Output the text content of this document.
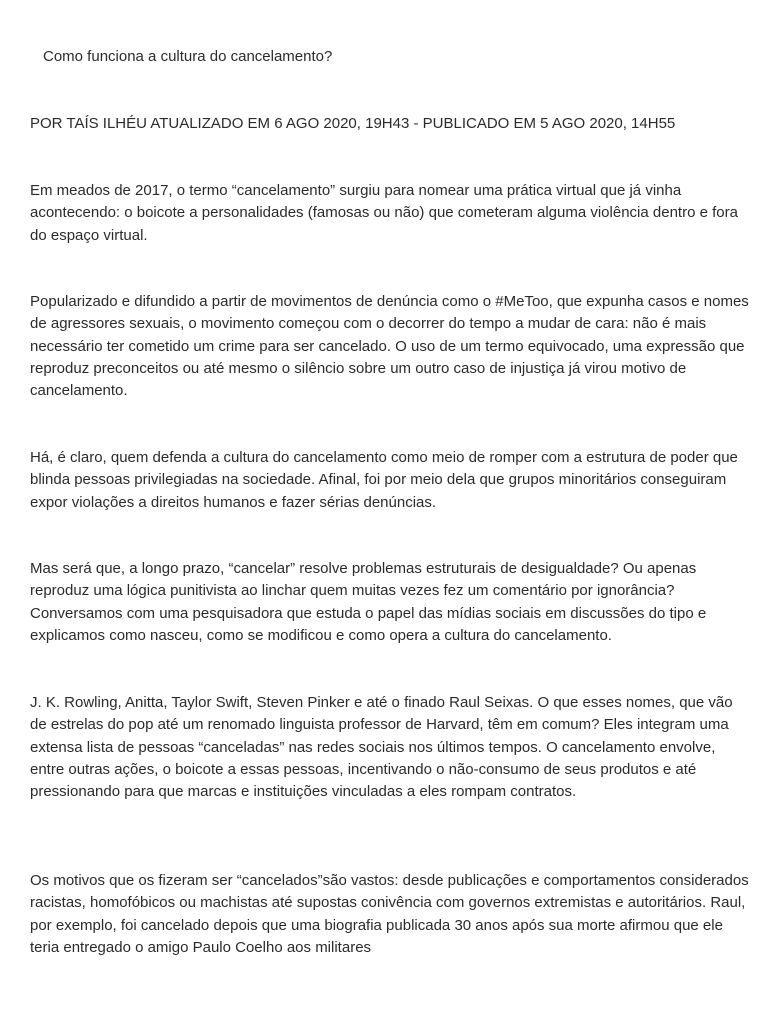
Como funciona a cultura do cancelamento?
POR TAÍS ILHÉU ATUALIZADO EM 6 AGO 2020, 19H43 - PUBLICADO EM 5 AGO 2020, 14H55

Em meados de 2017, o termo “cancelamento” surgiu para nomear uma prática virtual que já vinha acontecendo: o boicote a personalidades (famosas ou não) que cometeram alguma violência dentro e fora do espaço virtual.

Popularizado e difundido a partir de movimentos de denúncia como o #MeToo, que expunha casos e nomes de agressores sexuais, o movimento começou com o decorrer do tempo a mudar de cara: não é mais necessário ter cometido um crime para ser cancelado. O uso de um termo equivocado, uma expressão que reproduz preconceitos ou até mesmo o silêncio sobre um outro caso de injustiça já virou motivo de cancelamento.

Há, é claro, quem defenda a cultura do cancelamento como meio de romper com a estrutura de poder que blinda pessoas privilegiadas na sociedade. Afinal, foi por meio dela que grupos minoritários conseguiram expor violações a direitos humanos e fazer sérias denúncias.

Mas será que, a longo prazo, “cancelar” resolve problemas estruturais de desigualdade? Ou apenas reproduz uma lógica punitivista ao linchar quem muitas vezes fez um comentário por ignorância? Conversamos com uma pesquisadora que estuda o papel das mídias sociais em discussões do tipo e explicamos como nasceu, como se modificou e como opera a cultura do cancelamento.

J. K. Rowling, Anitta, Taylor Swift, Steven Pinker e até o finado Raul Seixas. O que esses nomes, que vão de estrelas do pop até um renomado linguista professor de Harvard, têm em comum? Eles integram uma extensa lista de pessoas “canceladas” nas redes sociais nos últimos tempos. O cancelamento envolve, entre outras ações, o boicote a essas pessoas, incentivando o não-consumo de seus produtos e até pressionando para que marcas e instituições vinculadas a eles rompam contratos.

Os motivos que os fizeram ser “cancelados”são vastos: desde publicações e comportamentos considerados racistas, homofóbicos ou machistas até supostas conivência com governos extremistas e autoritários. Raul, por exemplo, foi cancelado depois que uma biografia publicada 30 anos após sua morte afirmou que ele teria entregado o amigo Paulo Coelho aos militares
